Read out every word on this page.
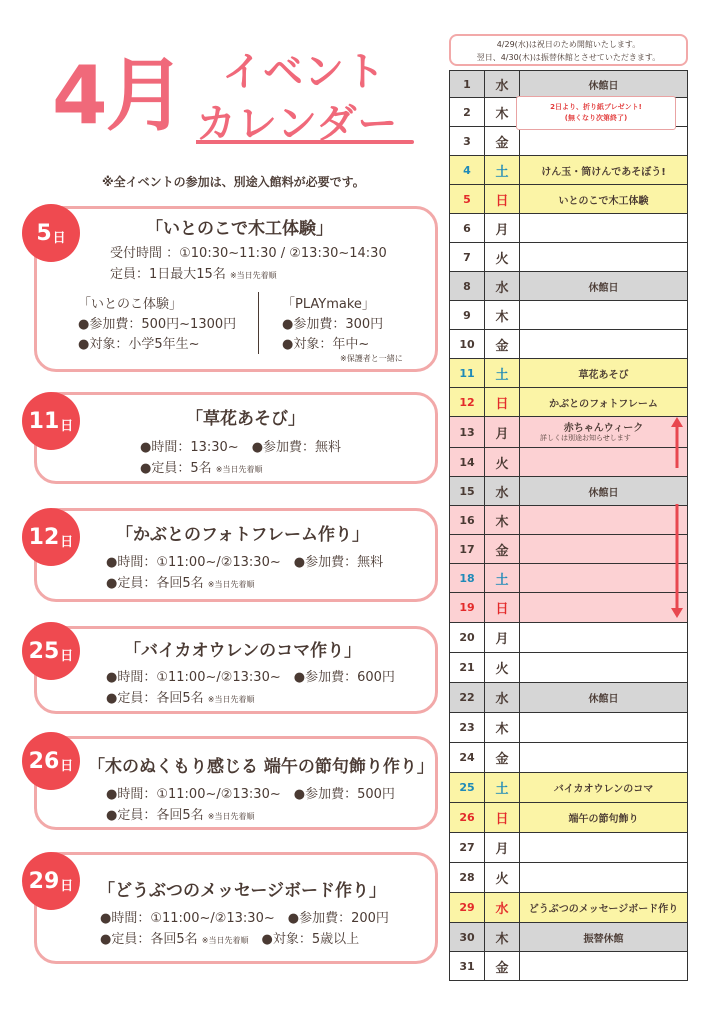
4月 イベント
カレンダー
※全イベントの参加は、別途入館料が必要です。
5 日	「いとのこで木工体験」
受付時間 ：①10:30~11:30 / ②13:30~14:30
定員：1日最大15名 ※当日先着順
「いとのこ体験」
●参加費：500円~1300円
●対象：小学5年生~
「PLAYmake」
●参加費：300円
●対象：年中~
※保護者と一緒に
11 日	「草花あそび」
●時間：13:30~　●参加費：無料
●定員：5名 ※当日先着順
12 日	「かぶとのフォトフレーム作り」
●時間：①11:00~/②13:30~　●参加費：無料
●定員：各回5名 ※当日先着順
25 日	「バイカオウレンのコマ作り」
●時間：①11:00~/②13:30~　●参加費：600円
●定員：各回5名 ※当日先着順
26 日 「木のぬくもり感じる 端午の節句飾り作り」
●時間：①11:00~/②13:30~　●参加費：500円
●定員：各回5名 ※当日先着順
29 日 「どうぶつのメッセージボード作り」
●時間：①11:00~/②13:30~　●参加費：200円
●定員：各回5名 ※当日先着順　 ●対象：5歳以上
4/29(水)は祝日のため開館いたします。
翌日、4/30(木)は振替休館とさせていただきます。
1	水	休館日
2	木	
3	金	
4	土	けん玉・筒けんであそぼう!
5	日	いとのこで木工体験
6	月	
7	火	
8	水	休館日
9	木	
10	金	
11	土	草花あそび
12	日	かぶとのフォトフレーム
13	月	赤ちゃんウィーク
14	火	
15	水	休館日
16	木	
17	金	
18	土	
19	日	
20	月	
21	火	
22	水	休館日
23	木	
24	金	
25	土	バイカオウレンのコマ
26	日	端午の節句飾り
27	月	
28	火	
29	水	どうぶつのメッセージボード作り
30	木	振替休館
31	金	
2日より、折り紙プレゼント!
(無くなり次第終了)
詳しくは別途お知らせします
